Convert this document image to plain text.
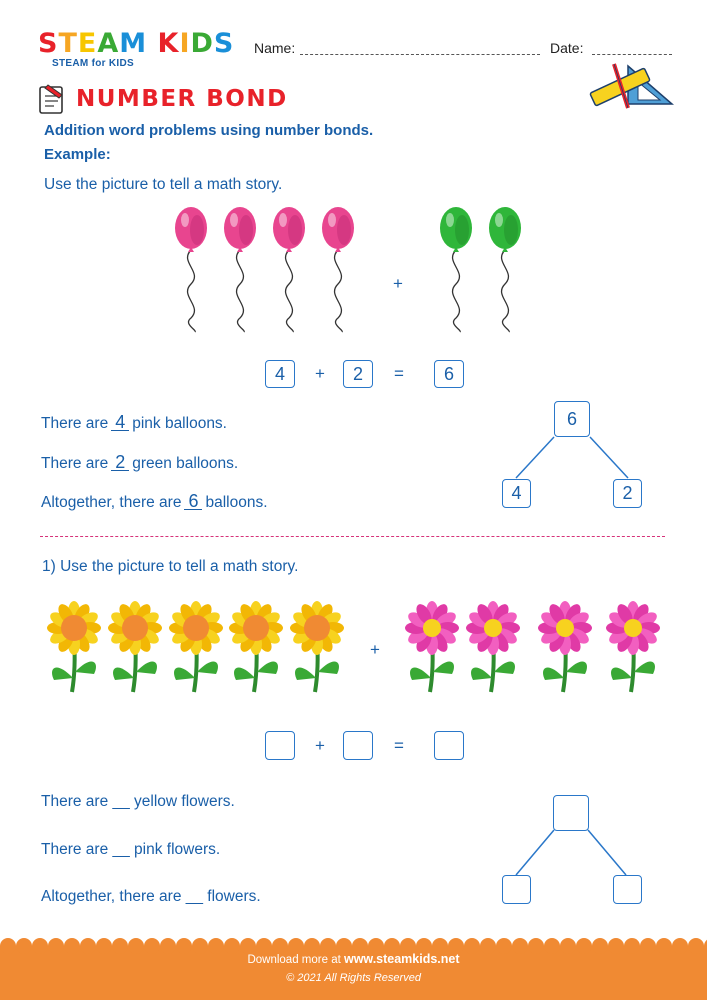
STEAM KIDS
STEAM for KIDS
Name:	Date:
NUMBER BOND
Addition word problems using number bonds.
Example:
Use the picture to tell a math story.
+
4	+	2	=	6
There are 4 pink balloons.
There are 2 green balloons.
Altogether, there are 6 balloons.
6
4	2
1) Use the picture to tell a math story.
+
+	=
There are __ yellow flowers.
There are __ pink flowers.
Altogether, there are __ flowers.
Download more at www.steamkids.net
© 2021 All Rights Reserved
